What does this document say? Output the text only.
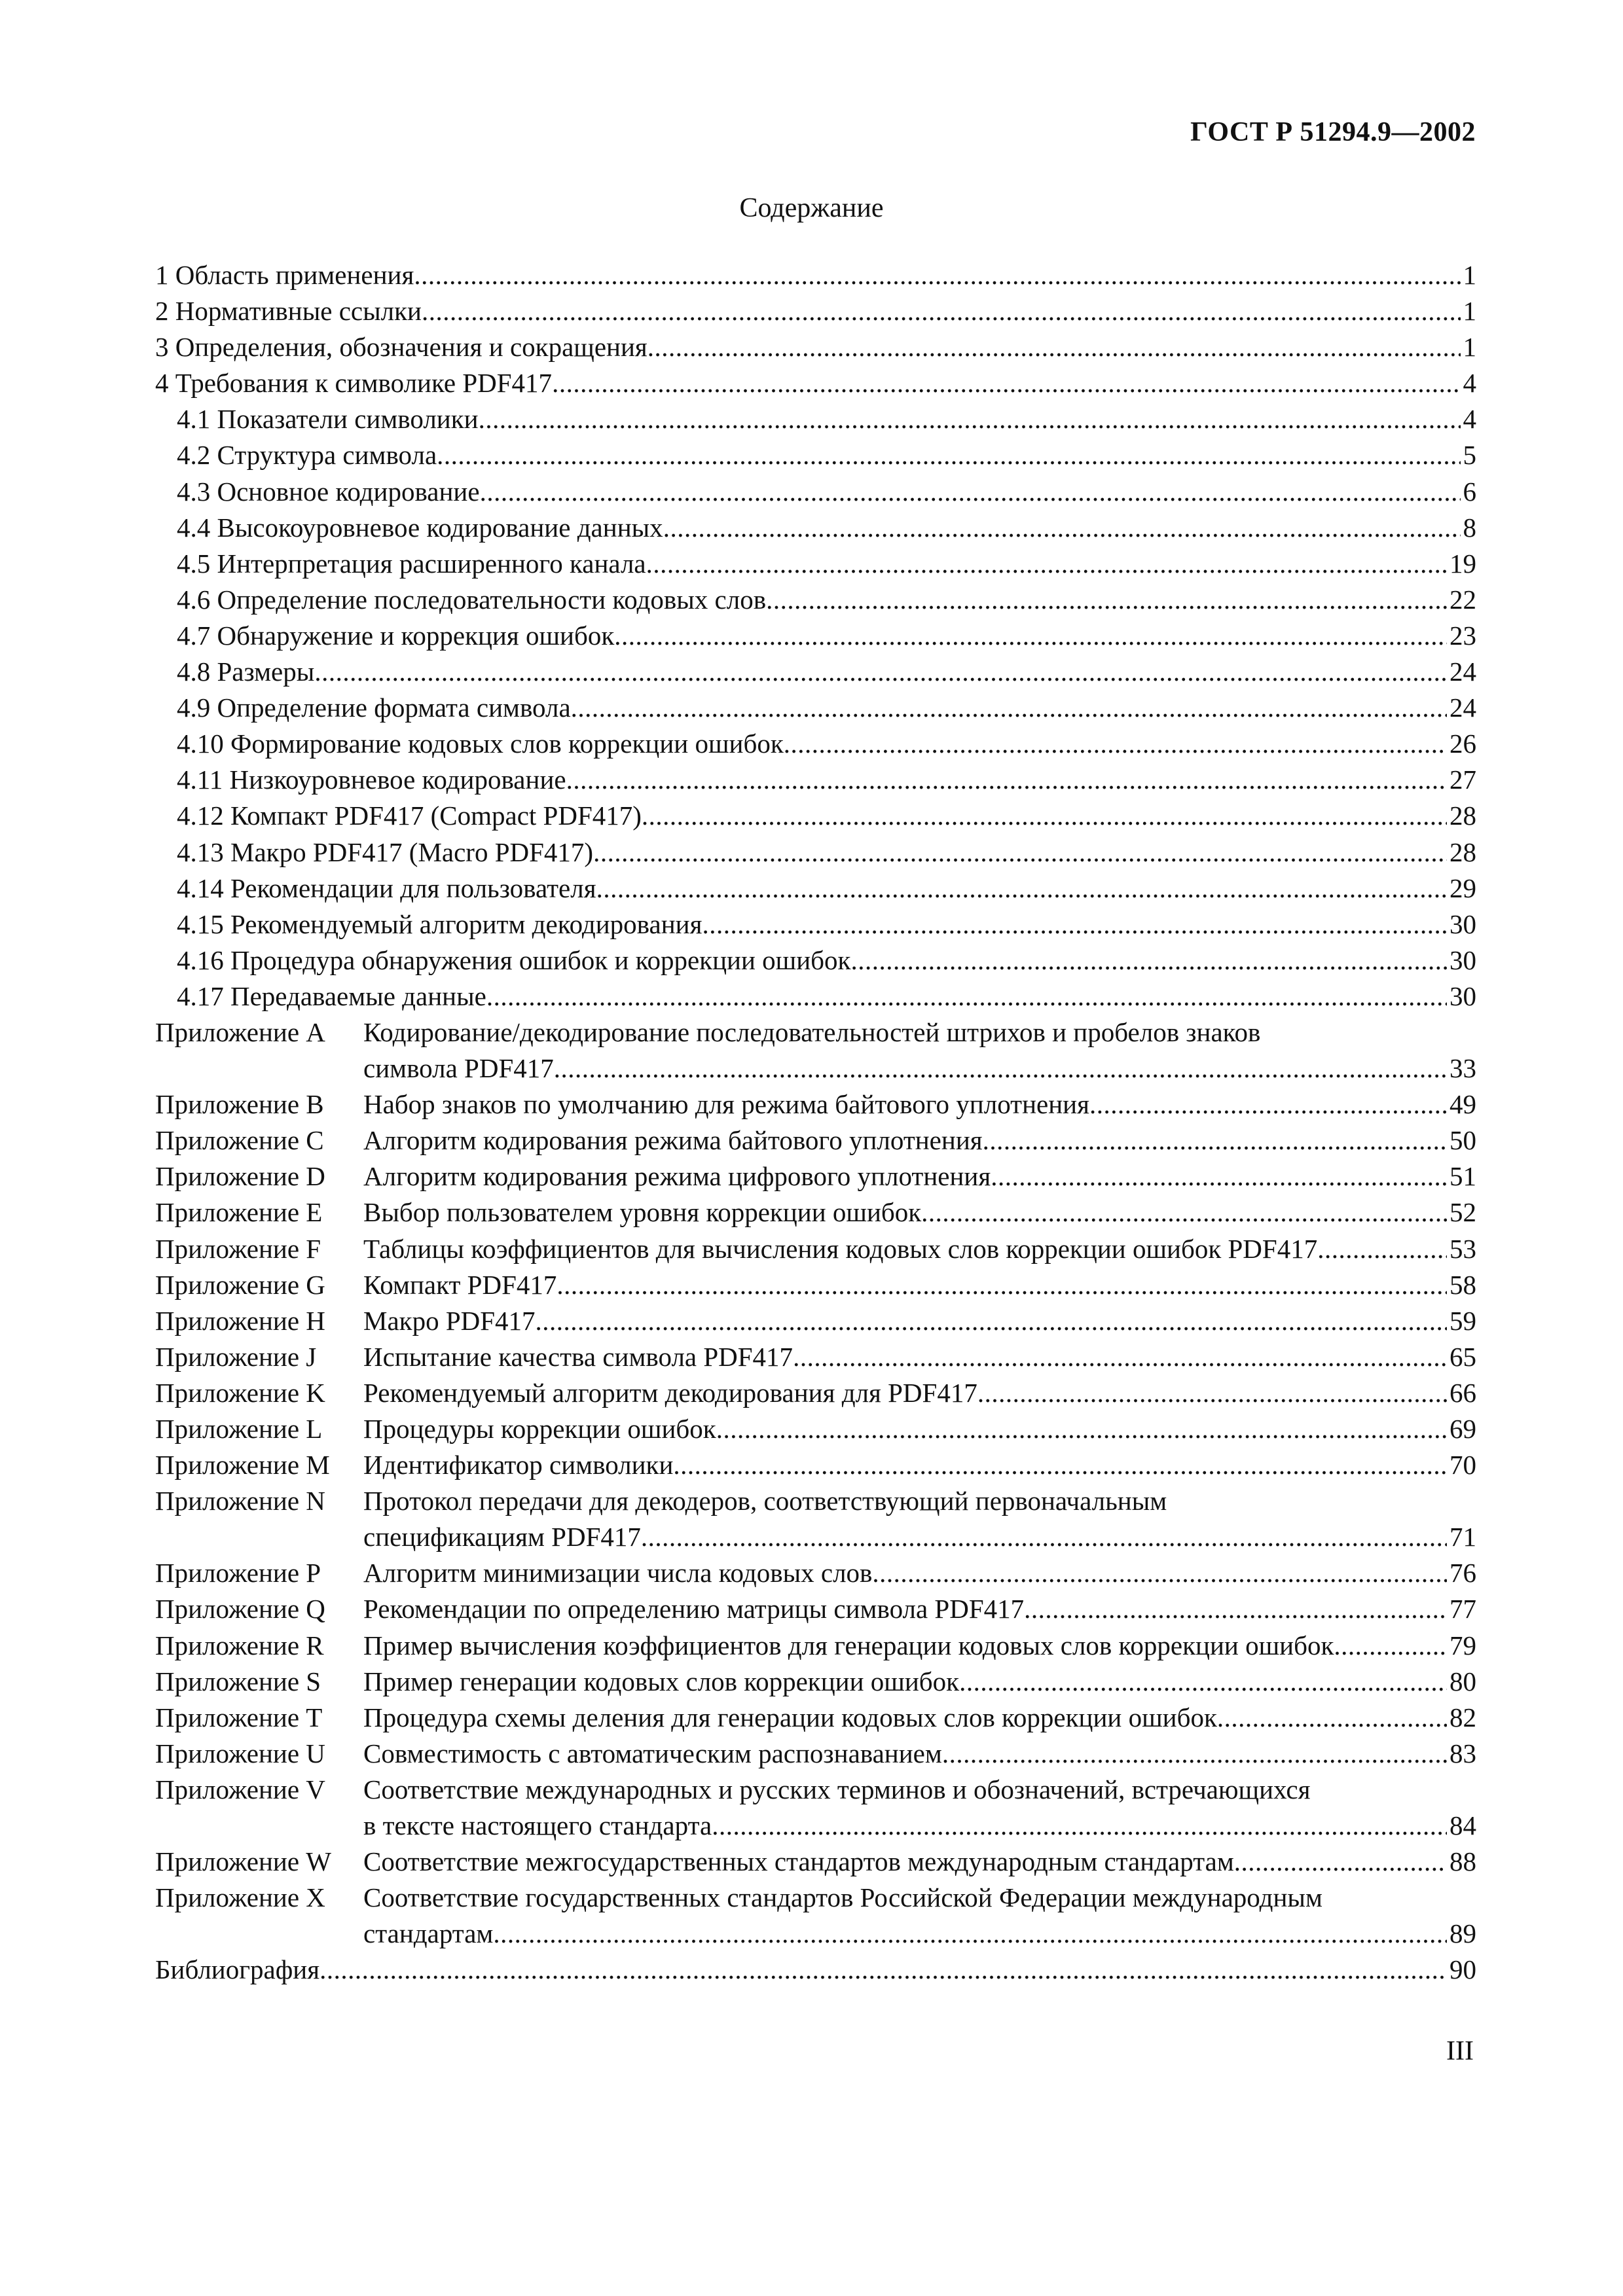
ГОСТ Р 51294.9—2002
Содержание
1 Область применения .....	1
2 Нормативные ссылки .....	1
3 Определения, обозначения и сокращения .....	1
4 Требования к символике PDF417 .....	4
4.1 Показатели символики .....	4
4.2 Структура символа .....	5
4.3 Основное кодирование .....	6
4.4 Высокоуровневое кодирование данных .....	8
4.5 Интерпретация расширенного канала .....	19
4.6 Определение последовательности кодовых слов .....	22
4.7 Обнаружение и коррекция ошибок .....	23
4.8 Размеры .....	24
4.9 Определение формата символа .....	24
4.10 Формирование кодовых слов коррекции ошибок .....	26
4.11 Низкоуровневое кодирование .....	27
4.12 Компакт PDF417 (Compact PDF417) .....	28
4.13 Макро PDF417 (Macro PDF417) .....	28
4.14 Рекомендации для пользователя .....	29
4.15 Рекомендуемый алгоритм декодирования .....	30
4.16 Процедура обнаружения ошибок и коррекции ошибок .....	30
4.17 Передаваемые данные .....	30
Приложение A	Кодирование/декодирование последовательностей штрихов и пробелов знаков
символа PDF417 .....	33
Приложение B	Набор знаков по умолчанию для режима байтового уплотнения .....	49
Приложение C	Алгоритм кодирования режима байтового уплотнения .....	50
Приложение D	Алгоритм кодирования режима цифрового уплотнения .....	51
Приложение E	Выбор пользователем уровня коррекции ошибок .....	52
Приложение F	Таблицы коэффициентов для вычисления кодовых слов коррекции ошибок PDF417 .....	53
Приложение G	Компакт PDF417 .....	58
Приложение H	Макро PDF417 .....	59
Приложение J	Испытание качества символа PDF417 .....	65
Приложение K	Рекомендуемый алгоритм декодирования для PDF417 .....	66
Приложение L	Процедуры коррекции ошибок .....	69
Приложение M	Идентификатор символики .....	70
Приложение N	Протокол передачи для декодеров, соответствующий первоначальным
спецификациям PDF417 .....	71
Приложение P	Алгоритм минимизации числа кодовых слов .....	76
Приложение Q	Рекомендации по определению матрицы символа PDF417 .....	77
Приложение R	Пример вычисления коэффициентов для генерации кодовых слов коррекции ошибок .....	79
Приложение S	Пример генерации кодовых слов коррекции ошибок .....	80
Приложение T	Процедура схемы деления для генерации кодовых слов коррекции ошибок .....	82
Приложение U	Совместимость с автоматическим распознаванием .....	83
Приложение V	Соответствие международных и русских терминов и обозначений, встречающихся
в тексте настоящего стандарта .....	84
Приложение W	Соответствие межгосударственных стандартов международным стандартам .....	88
Приложение X	Соответствие государственных стандартов Российской Федерации международным
стандартам .....	89
Библиография .....	90
III
